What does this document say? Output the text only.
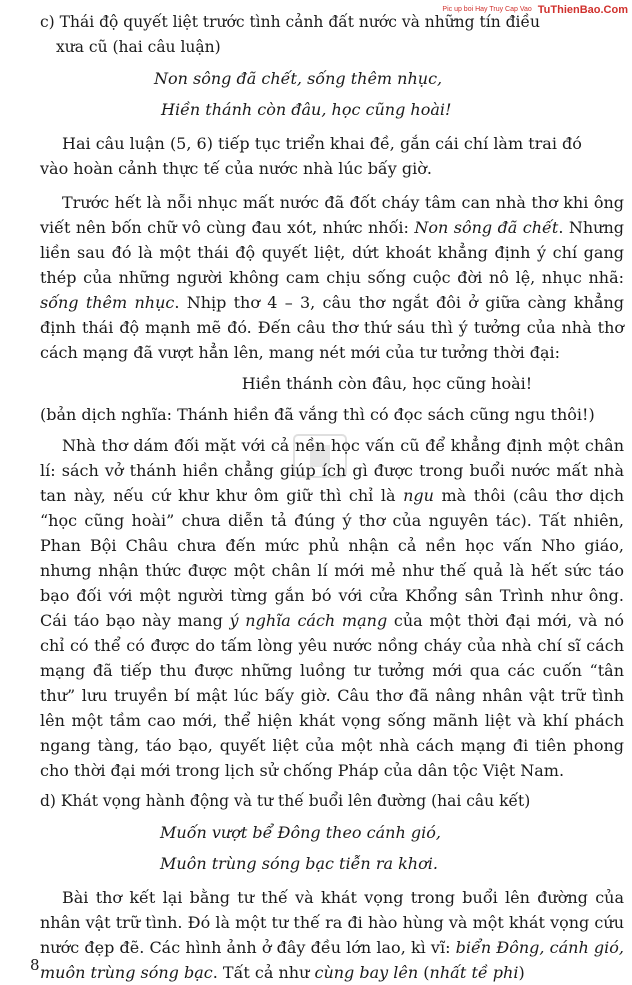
Pic up boi Hay Truy Cap Vao TuThienBao.Com

c) Thái độ quyết liệt trước tình cảnh đất nước và những tín điều

xưa cũ (hai câu luận)

Non sông đã chết, sống thêm nhục,

Hiền thánh còn đâu, học cũng hoài!

Hai câu luận (5, 6) tiếp tục triển khai đề, gắn cái chí làm trai đó

vào hoàn cảnh thực tế của nước nhà lúc bấy giờ.

Trước hết là nỗi nhục mất nước đã đốt cháy tâm can nhà thơ khi ông viết nên bốn chữ vô cùng đau xót, nhức nhối: Non sông đã chết. Nhưng liền sau đó là một thái độ quyết liệt, dứt khoát khẳng định ý chí gang thép của những người không cam chịu sống cuộc đời nô lệ, nhục nhã: sống thêm nhục. Nhịp thơ 4 – 3, câu thơ ngắt đôi ở giữa càng khẳng định thái độ mạnh mẽ đó. Đến câu thơ thứ sáu thì ý tưởng của nhà thơ cách mạng đã vượt hẳn lên, mang nét mới của tư tưởng thời đại:

Hiền thánh còn đâu, học cũng hoài!

(bản dịch nghĩa: Thánh hiền đã vắng thì có đọc sách cũng ngu thôi!)

Nhà thơ dám đối mặt với cả nền học vấn cũ để khẳng định một chân lí: sách vở thánh hiền chẳng giúp ích gì được trong buổi nước mất nhà tan này, nếu cứ khư khư ôm giữ thì chỉ là ngu mà thôi (câu thơ dịch “học cũng hoài” chưa diễn tả đúng ý thơ của nguyên tác). Tất nhiên, Phan Bội Châu chưa đến mức phủ nhận cả nền học vấn Nho giáo, nhưng nhận thức được một chân lí mới mẻ như thế quả là hết sức táo bạo đối với một người từng gắn bó với cửa Khổng sân Trình như ông. Cái táo bạo này mang ý nghĩa cách mạng của một thời đại mới, và nó chỉ có thể có được do tấm lòng yêu nước nồng cháy của nhà chí sĩ cách mạng đã tiếp thu được những luồng tư tưởng mới qua các cuốn “tân thư” lưu truyền bí mật lúc bấy giờ. Câu thơ đã nâng nhân vật trữ tình lên một tầm cao mới, thể hiện khát vọng sống mãnh liệt và khí phách ngang tàng, táo bạo, quyết liệt của một nhà cách mạng đi tiên phong cho thời đại mới trong lịch sử chống Pháp của dân tộc Việt Nam.

d) Khát vọng hành động và tư thế buổi lên đường (hai câu kết)

Muốn vượt bể Đông theo cánh gió,

Muôn trùng sóng bạc tiễn ra khơi.

Bài thơ kết lại bằng tư thế và khát vọng trong buổi lên đường của nhân vật trữ tình. Đó là một tư thế ra đi hào hùng và một khát vọng cứu nước đẹp đẽ. Các hình ảnh ở đây đều lớn lao, kì vĩ: biển Đông, cánh gió, muôn trùng sóng bạc. Tất cả như cùng bay lên (nhất tề phi)

8
